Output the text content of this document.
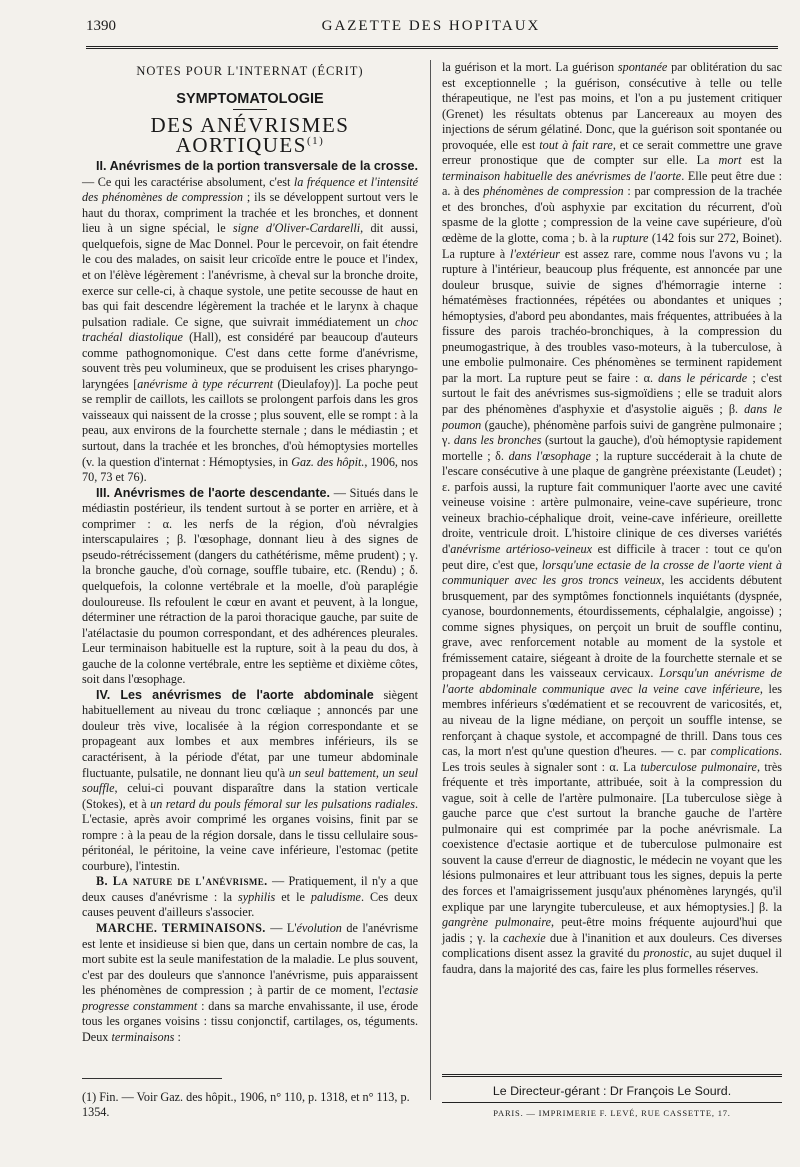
1390	GAZETTE DES HOPITAUX
NOTES POUR L'INTERNAT (ÉCRIT)
SYMPTOMATOLOGIE
DES ANÉVRISMES AORTIQUES$^{(1)}$

II. Anévrismes de la portion transversale de la crosse. — Ce qui les caractérise absolument, c'est la fréquence et l'intensité des phénomènes de compression ; ils se développent surtout vers le haut du thorax, compriment la trachée et les bronches, et donnent lieu à un signe spécial, le signe d'Oliver-Cardarelli, dit aussi, quelquefois, signe de Mac Donnel. Pour le percevoir, on fait étendre le cou des malades, on saisit leur cricoïde entre le pouce et l'index, et on l'élève légèrement : l'anévrisme, à cheval sur la bronche droite, exerce sur celle-ci, à chaque systole, une petite secousse de haut en bas qui fait descendre légèrement la trachée et le larynx à chaque pulsation radiale. Ce signe, que suivrait immédiatement un choc trachéal diastolique (Hall), est considéré par beaucoup d'auteurs comme pathognomonique. C'est dans cette forme d'anévrisme, souvent très peu volumineux, que se produisent les crises pharyngo-laryngées [anévrisme à type récurrent (Dieulafoy)]. La poche peut se remplir de caillots, les caillots se prolongent parfois dans les gros vaisseaux qui naissent de la crosse ; plus souvent, elle se rompt : à la peau, aux environs de la fourchette sternale ; dans le médiastin ; et surtout, dans la trachée et les bronches, d'où hémoptysies mortelles (v. la question d'internat : Hémoptysies, in Gaz. des hôpit., 1906, nos 70, 73 et 76).

III. Anévrismes de l'aorte descendante. — Situés dans le médiastin postérieur, ils tendent surtout à se porter en arrière, et à comprimer : α. les nerfs de la région, d'où névralgies interscapulaires ; β. l'œsophage, donnant lieu à des signes de pseudo-rétrécissement (dangers du cathétérisme, même prudent) ; γ. la bronche gauche, d'où cornage, souffle tubaire, etc. (Rendu) ; δ. quelquefois, la colonne vertébrale et la moelle, d'où paraplégie douloureuse. Ils refoulent le cœur en avant et peuvent, à la longue, déterminer une rétraction de la paroi thoracique gauche, par suite de l'atélactasie du poumon correspondant, et des adhérences pleurales. Leur terminaison habituelle est la rupture, soit à la peau du dos, à gauche de la colonne vertébrale, entre les septième et dixième côtes, soit dans l'œsophage.

IV. Les anévrismes de l'aorte abdominale siègent habituellement au niveau du tronc cœliaque ; annoncés par une douleur très vive, localisée à la région correspondante et se propageant aux lombes et aux membres inférieurs, ils se caractérisent, à la période d'état, par une tumeur abdominale fluctuante, pulsatile, ne donnant lieu qu'à un seul battement, un seul souffle, celui-ci pouvant disparaître dans la station verticale (Stokes), et à un retard du pouls fémoral sur les pulsations radiales. L'ectasie, après avoir comprimé les organes voisins, finit par se rompre : à la peau de la région dorsale, dans le tissu cellulaire sous-péritonéal, le péritoine, la veine cave inférieure, l'estomac (petite courbure), l'intestin.

B. La nature de l'anévrisme. — Pratiquement, il n'y a que deux causes d'anévrisme : la syphilis et le paludisme. Ces deux causes peuvent d'ailleurs s'associer.

MARCHE. TERMINAISONS. — L'évolution de l'anévrisme est lente et insidieuse si bien que, dans un certain nombre de cas, la mort subite est la seule manifestation de la maladie. Le plus souvent, c'est par des douleurs que s'annonce l'anévrisme, puis apparaissent les phénomènes de compression ; à partir de ce moment, l'ectasie progresse constamment : dans sa marche envahissante, il use, érode tous les organes voisins : tissu conjonctif, cartilages, os, téguments. Deux terminaisons :

(1) Fin. — Voir Gaz. des hôpit., 1906, n° 110, p. 1318, et n° 113, p. 1354.

la guérison et la mort. La guérison spontanée par oblitération du sac est exceptionnelle ; la guérison, consécutive à telle ou telle thérapeutique, ne l'est pas moins, et l'on a pu justement critiquer (Grenet) les résultats obtenus par Lancereaux au moyen des injections de sérum gélatiné. Donc, que la guérison soit spontanée ou provoquée, elle est tout à fait rare, et ce serait commettre une grave erreur pronostique que de compter sur elle. La mort est la terminaison habituelle des anévrismes de l'aorte. Elle peut être due : a. à des phénomènes de compression : par compression de la trachée et des bronches, d'où asphyxie par excitation du récurrent, d'où spasme de la glotte ; compression de la veine cave supérieure, d'où œdème de la glotte, coma ; b. à la rupture (142 fois sur 272, Boinet). La rupture à l'extérieur est assez rare, comme nous l'avons vu ; la rupture à l'intérieur, beaucoup plus fréquente, est annoncée par une douleur brusque, suivie de signes d'hémorragie interne : hématémèses fractionnées, répétées ou abondantes et uniques ; hémoptysies, d'abord peu abondantes, mais fréquentes, attribuées à la fissure des parois trachéo-bronchiques, à la compression du pneumogastrique, à des troubles vaso-moteurs, à la tuberculose, à une embolie pulmonaire. Ces phénomènes se terminent rapidement par la mort. La rupture peut se faire : α. dans le péricarde ; c'est surtout le fait des anévrismes sus-sigmoïdiens ; elle se traduit alors par des phénomènes d'asphyxie et d'asystolie aiguës ; β. dans le poumon (gauche), phénomène parfois suivi de gangrène pulmonaire ; γ. dans les bronches (surtout la gauche), d'où hémoptysie rapidement mortelle ; δ. dans l'œsophage ; la rupture succéderait à la chute de l'escare consécutive à une plaque de gangrène préexistante (Leudet) ; ε. parfois aussi, la rupture fait communiquer l'aorte avec une cavité veineuse voisine : artère pulmonaire, veine-cave supérieure, tronc veineux brachio-céphalique droit, veine-cave inférieure, oreillette droite, ventricule droit. L'histoire clinique de ces diverses variétés d'anévrisme artérioso-veineux est difficile à tracer : tout ce qu'on peut dire, c'est que, lorsqu'une ectasie de la crosse de l'aorte vient à communiquer avec les gros troncs veineux, les accidents débutent brusquement, par des symptômes fonctionnels inquiétants (dyspnée, cyanose, bourdonnements, étourdissements, céphalalgie, angoisse) ; comme signes physiques, on perçoit un bruit de souffle continu, grave, avec renforcement notable au moment de la systole et frémissement cataire, siégeant à droite de la fourchette sternale et se propageant dans les vaisseaux cervicaux. Lorsqu'un anévrisme de l'aorte abdominale communique avec la veine cave inférieure, les membres inférieurs s'œdématient et se recouvrent de varicosités, et, au niveau de la ligne médiane, on perçoit un souffle intense, se renforçant à chaque systole, et accompagné de thrill. Dans tous ces cas, la mort n'est qu'une question d'heures. — c. par complications. Les trois seules à signaler sont : α. La tuberculose pulmonaire, très fréquente et très importante, attribuée, soit à la compression du vague, soit à celle de l'artère pulmonaire. [La tuberculose siège à gauche parce que c'est surtout la branche gauche de l'artère pulmonaire qui est comprimée par la poche anévrismale. La coexistence d'ectasie aortique et de tuberculose pulmonaire est souvent la cause d'erreur de diagnostic, le médecin ne voyant que les lésions pulmonaires et leur attribuant tous les signes, depuis la perte des forces et l'amaigrissement jusqu'aux phénomènes laryngés, qu'il explique par une laryngite tuberculeuse, et aux hémoptysies.] β. la gangrène pulmonaire, peut-être moins fréquente aujourd'hui que jadis ; γ. la cachexie due à l'inanition et aux douleurs. Ces diverses complications disent assez la gravité du pronostic, au sujet duquel il faudra, dans la majorité des cas, faire les plus formelles réserves.

Le Directeur-gérant : Dr François Le Sourd.
PARIS. — IMPRIMERIE F. LEVÉ, RUE CASSETTE, 17.
